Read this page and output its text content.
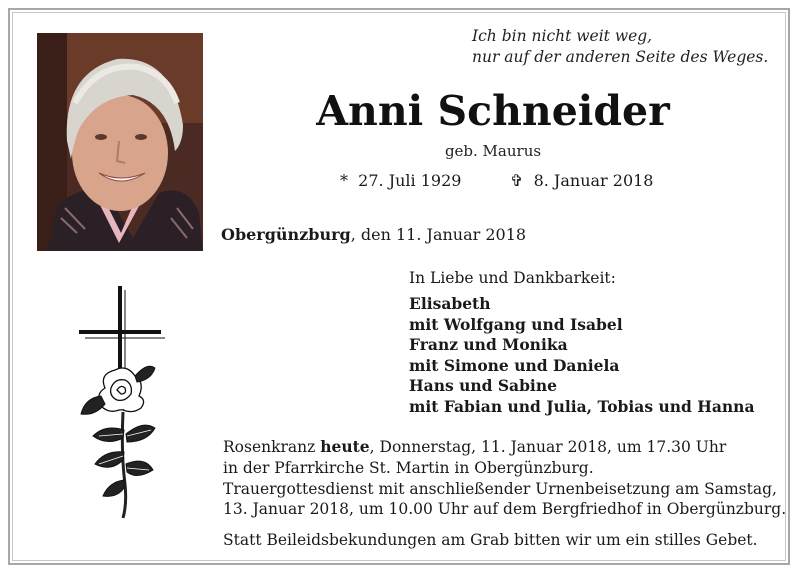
Ich bin nicht weit weg,
nur auf der anderen Seite des Weges.
Anni Schneider
geb. Maurus
* 27. Juli 1929	✞ 8. Januar 2018
Obergünzburg, den 11. Januar 2018
In Liebe und Dankbarkeit:
Elisabeth
mit Wolfgang und Isabel
Franz und Monika
mit Simone und Daniela
Hans und Sabine
mit Fabian und Julia, Tobias und Hanna
Rosenkranz heute, Donnerstag, 11. Januar 2018, um 17.30 Uhr
in der Pfarrkirche St. Martin in Obergünzburg.
Trauergottesdienst mit anschließender Urnenbeisetzung am Samstag,
13. Januar 2018, um 10.00 Uhr auf dem Bergfriedhof in Obergünzburg.
Statt Beileidsbekundungen am Grab bitten wir um ein stilles Gebet.
